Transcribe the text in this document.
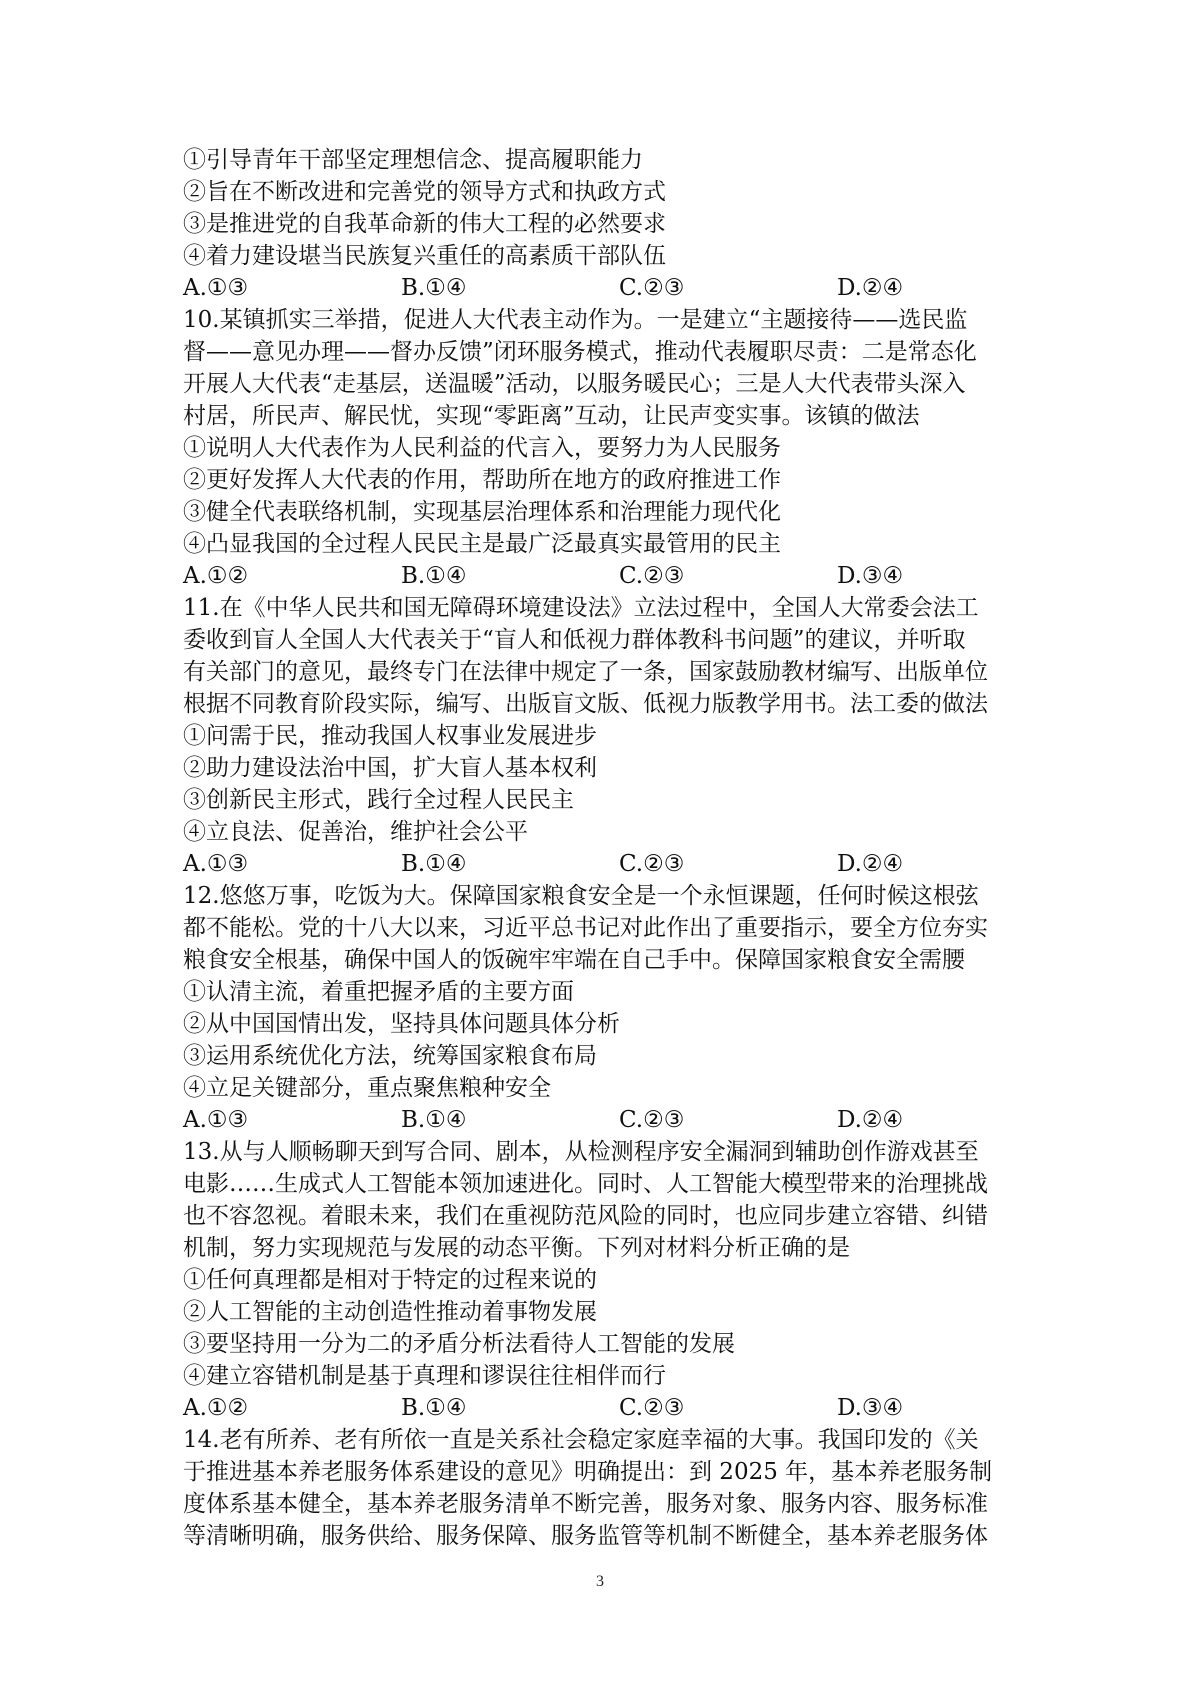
①引导青年干部坚定理想信念、提高履职能力
②旨在不断改进和完善党的领导方式和执政方式
③是推进党的自我革命新的伟大工程的必然要求
④着力建设堪当民族复兴重任的高素质干部队伍
A.①③	B.①④	C.②③	D.②④
10.某镇抓实三举措，促进人大代表主动作为。一是建立“主题接待——选民监
督——意见办理——督办反馈”闭环服务模式，推动代表履职尽责：二是常态化
开展人大代表“走基层，送温暖”活动，以服务暖民心；三是人大代表带头深入
村居，所民声、解民忧，实现“零距离”互动，让民声变实事。该镇的做法
①说明人大代表作为人民利益的代言入，要努力为人民服务
②更好发挥人大代表的作用，帮助所在地方的政府推进工作
③健全代表联络机制，实现基层治理体系和治理能力现代化
④凸显我国的全过程人民民主是最广泛最真实最管用的民主
A.①②	B.①④	C.②③	D.③④
11.在《中华人民共和国无障碍环境建设法》立法过程中，全国人大常委会法工
委收到盲人全国人大代表关于“盲人和低视力群体教科书问题”的建议，并听取
有关部门的意见，最终专门在法律中规定了一条，国家鼓励教材编写、出版单位
根据不同教育阶段实际，编写、出版盲文版、低视力版教学用书。法工委的做法
①问需于民，推动我国人权事业发展进步
②助力建设法治中国，扩大盲人基本权利
③创新民主形式，践行全过程人民民主
④立良法、促善治，维护社会公平
A.①③	B.①④	C.②③	D.②④
12.悠悠万事，吃饭为大。保障国家粮食安全是一个永恒课题，任何时候这根弦
都不能松。党的十八大以来，习近平总书记对此作出了重要指示，要全方位夯实
粮食安全根基，确保中国人的饭碗牢牢端在自己手中。保障国家粮食安全需腰
①认清主流，着重把握矛盾的主要方面
②从中国国情出发，坚持具体问题具体分析
③运用系统优化方法，统筹国家粮食布局
④立足关键部分，重点聚焦粮种安全
A.①③	B.①④	C.②③	D.②④
13.从与人顺畅聊天到写合同、剧本，从检测程序安全漏洞到辅助创作游戏甚至
电影……生成式人工智能本领加速进化。同时、人工智能大模型带来的治理挑战
也不容忽视。着眼未来，我们在重视防范风险的同时，也应同步建立容错、纠错
机制，努力实现规范与发展的动态平衡。下列对材料分析正确的是
①任何真理都是相对于特定的过程来说的
②人工智能的主动创造性推动着事物发展
③要坚持用一分为二的矛盾分析法看待人工智能的发展
④建立容错机制是基于真理和谬误往往相伴而行
A.①②	B.①④	C.②③	D.③④
14.老有所养、老有所依一直是关系社会稳定家庭幸福的大事。我国印发的《关
于推进基本养老服务体系建设的意见》明确提出：到 2025 年，基本养老服务制
度体系基本健全，基本养老服务清单不断完善，服务对象、服务内容、服务标准
等清晰明确，服务供给、服务保障、服务监管等机制不断健全，基本养老服务体
3
